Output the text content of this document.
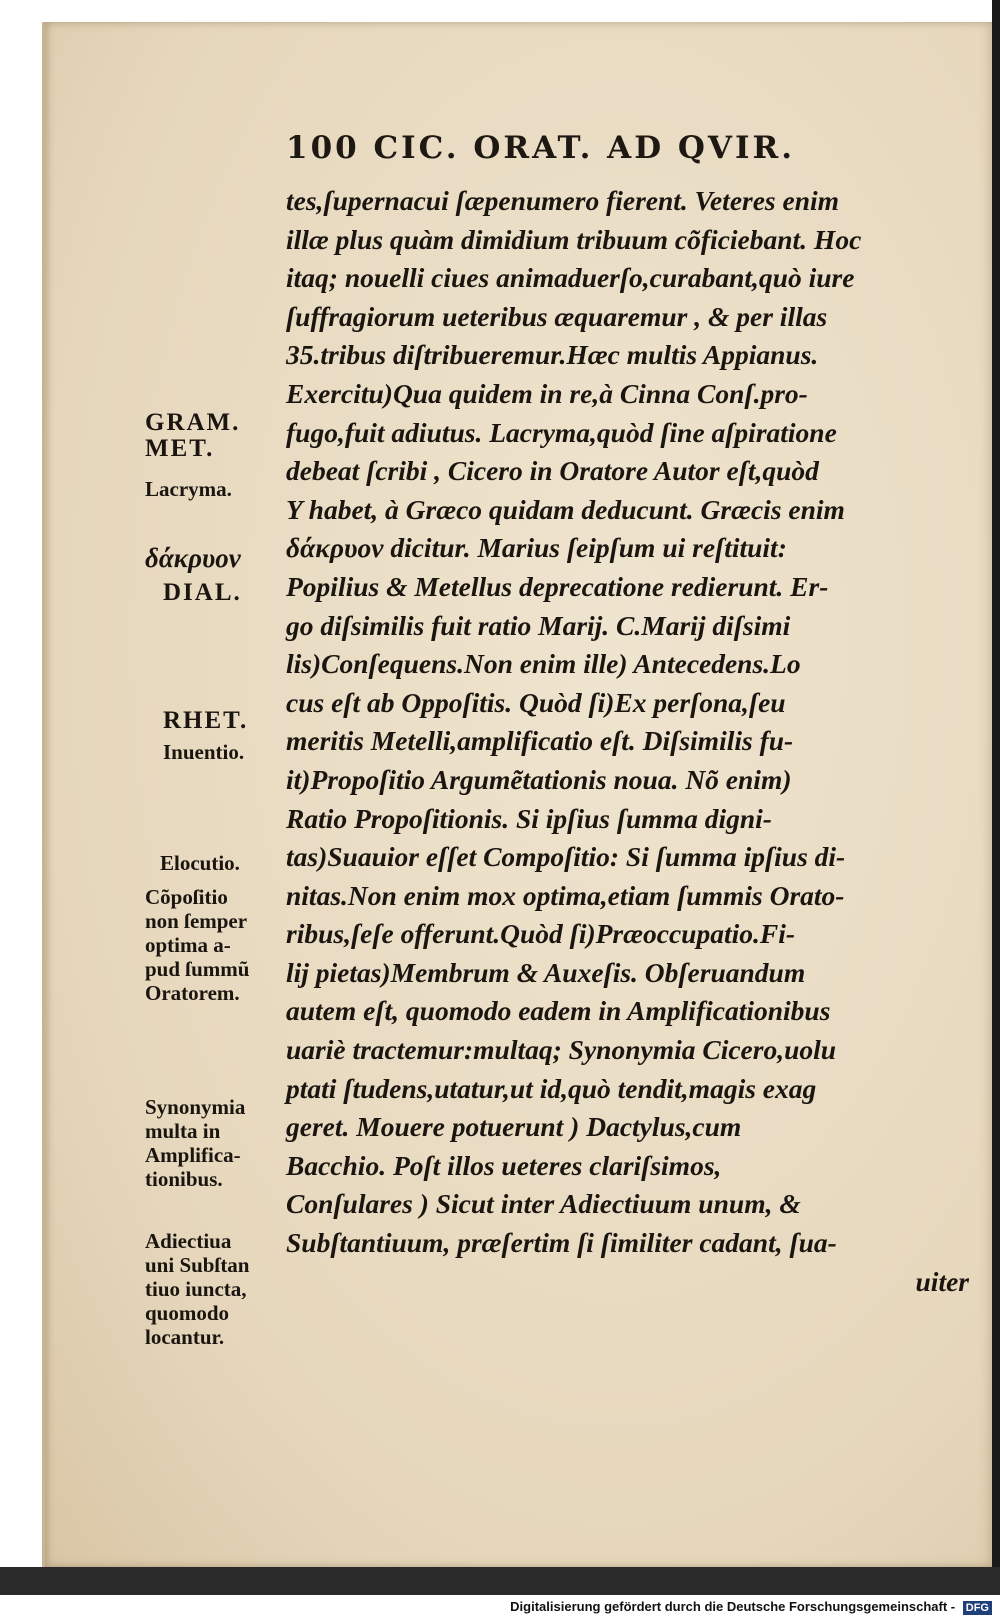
100 CIC. ORAT. AD QVIR.
tes,ſupernacui ſæpenumero fierent. Veteres enim
illæ plus quàm dimidium tribuum cõficiebant. Hoc
itaq; nouelli ciues animaduerſo,curabant,quò iure
ſuffragiorum ueteribus æquaremur , & per illas
35.tribus diſtribueremur.Hæc multis Appianus.
Exercitu)Qua quidem in re,à Cinna Conſ.pro-
fugo,fuit adiutus. Lacryma,quòd ſine aſpiratione
debeat ſcribi , Cicero in Oratore Autor eſt,quòd
Y habet, à Græco quidam deducunt. Græcis enim
δάκρυον dicitur. Marius ſeipſum ui reſtituit:
Popilius & Metellus deprecatione redierunt. Er-
go diſsimilis fuit ratio Marij. C.Marij diſsimi
lis)Conſequens.Non enim ille) Antecedens.Lo
cus eſt ab Oppoſitis. Quòd ſi)Ex perſona,ſeu
meritis Metelli,amplificatio eſt. Diſsimilis fu-
it)Propoſitio Argumẽtationis noua. Nõ enim)
Ratio Propoſitionis. Si ipſius ſumma digni-
tas)Suauior eſſet Compoſitio: Si ſumma ipſius di-
nitas.Non enim mox optima,etiam ſummis Orato-
ribus,ſeſe offerunt.Quòd ſi)Præoccupatio.Fi-
lij pietas)Membrum & Auxeſis. Obſeruandum
autem eſt, quomodo eadem in Amplificationibus
uariè tractemur:multaq; Synonymia Cicero,uolu
ptati ſtudens,utatur,ut id,quò tendit,magis exag
geret. Mouere potuerunt ) Dactylus,cum
Bacchio. Poſt illos ueteres clariſsimos,
Conſulares ) Sicut inter Adiectiuum unum, &
Subſtantiuum, præſertim ſi ſimiliter cadant, ſua-
uiter
GRAM.
MET.
Lacryma.
δάκρυον
DIAL.
RHET.
Inuentio.
Elocutio.
Cõpoſitio
non ſemper
optima a-
pud ſummũ
Oratorem.
Synonymia
multa in
Amplifica-
tionibus.
Adiectiua
uni Subſtan
tiuo iuncta,
quomodo
locantur.
Digitalisierung gefördert durch die Deutsche Forschungsgemeinschaft - DFG
